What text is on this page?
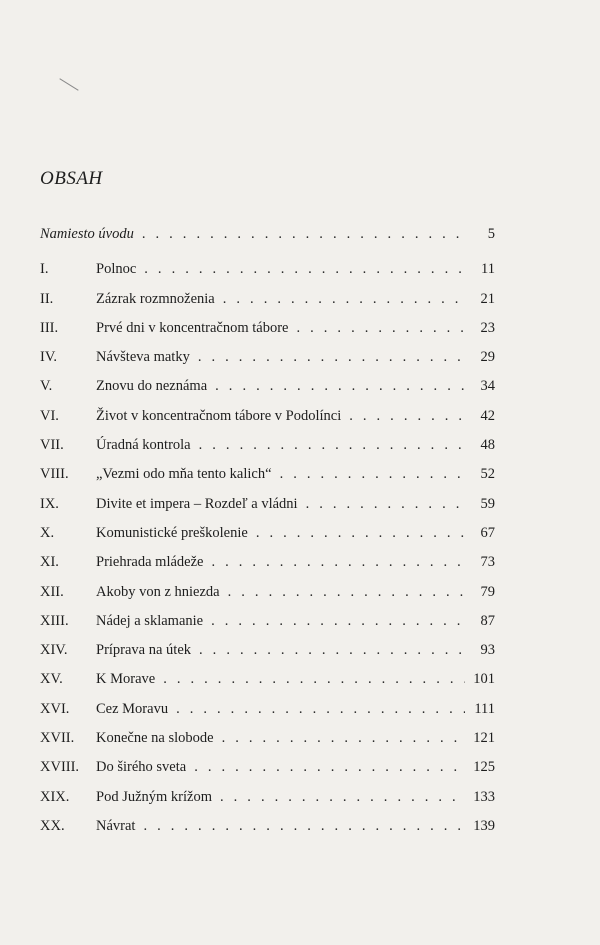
OBSAH
Namiesto úvodu . . .	5
I.	Polnoc . . .	11
II.	Zázrak rozmnoženia . . .	21
III.	Prvé dni v koncentračnom tábore . . .	23
IV.	Návšteva matky . . .	29
V.	Znovu do neznáma . . .	34
VI.	Život v koncentračnom tábore v Podolínci . . .	42
VII.	Úradná kontrola . . .	48
VIII.	„Vezmi odo mňa tento kalich“ . . .	52
IX.	Divite et impera – Rozdeľ a vládni . . .	59
X.	Komunistické preškolenie . . .	67
XI.	Priehrada mládeže . . .	73
XII.	Akoby von z hniezda . . .	79
XIII.	Nádej a sklamanie . . .	87
XIV.	Príprava na útek . . .	93
XV.	K Morave . . .	101
XVI.	Cez Moravu . . .	111
XVII.	Konečne na slobode . . .	121
XVIII.	Do širého sveta . . .	125
XIX.	Pod Južným krížom . . .	133
XX.	Návrat . . .	139
